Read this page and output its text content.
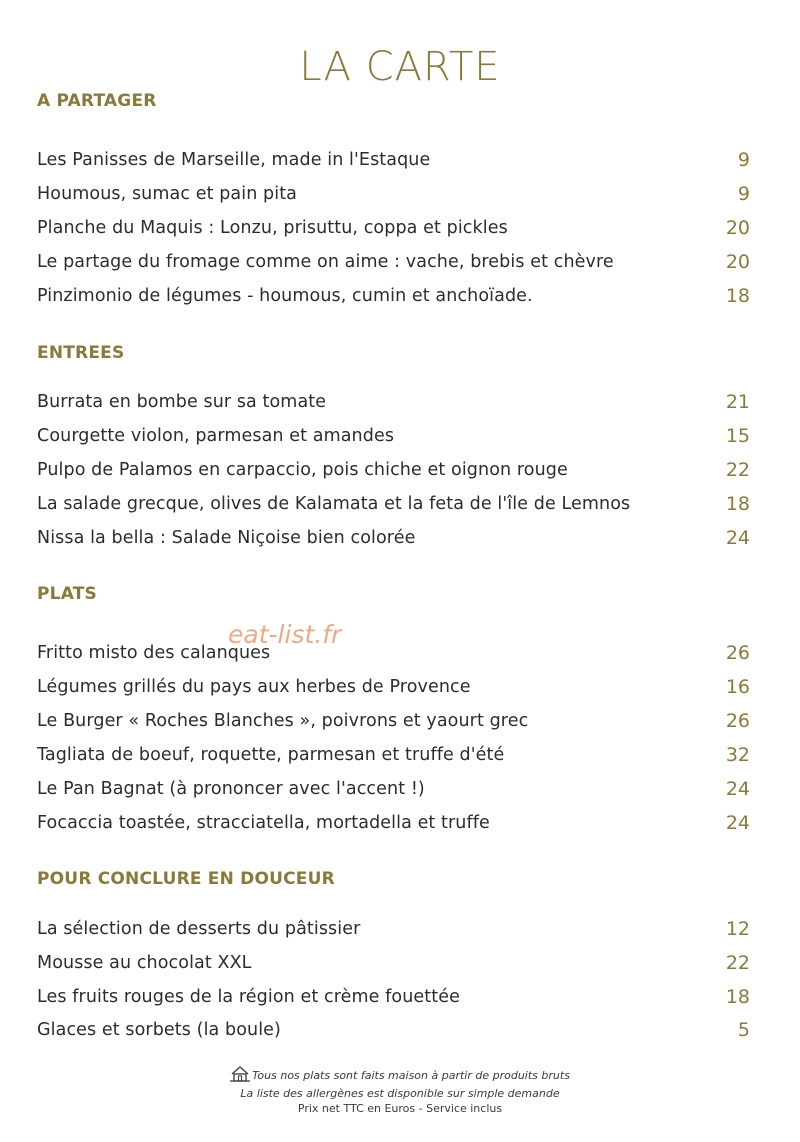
LA CARTE
A PARTAGER
Les Panisses de Marseille, made in l'Estaque	9
Houmous, sumac et pain pita	9
Planche du Maquis : Lonzu, prisuttu, coppa et pickles	20
Le partage du fromage comme on aime : vache, brebis et chèvre	20
Pinzimonio de légumes - houmous, cumin et anchoïade.	18
ENTREES
Burrata en bombe sur sa tomate	21
Courgette violon, parmesan et amandes	15
Pulpo de Palamos en carpaccio, pois chiche et oignon rouge	22
La salade grecque, olives de Kalamata et la feta de l'île de Lemnos	18
Nissa la bella : Salade Niçoise bien colorée	24
PLATS
Fritto misto des calanques	26
Légumes grillés du pays aux herbes de Provence	16
Le Burger « Roches Blanches », poivrons et yaourt grec	26
Tagliata de boeuf, roquette, parmesan et truffe d'été	32
Le Pan Bagnat (à prononcer avec l'accent !)	24
Focaccia toastée, stracciatella, mortadella et truffe	24
POUR CONCLURE EN DOUCEUR
La sélection de desserts du pâtissier	12
Mousse au chocolat XXL	22
Les fruits rouges de la région et crème fouettée	18
Glaces et sorbets (la boule)	5
eat-list.fr
Tous nos plats sont faits maison à partir de produits bruts
La liste des allergènes est disponible sur simple demande
Prix net TTC en Euros - Service inclus
